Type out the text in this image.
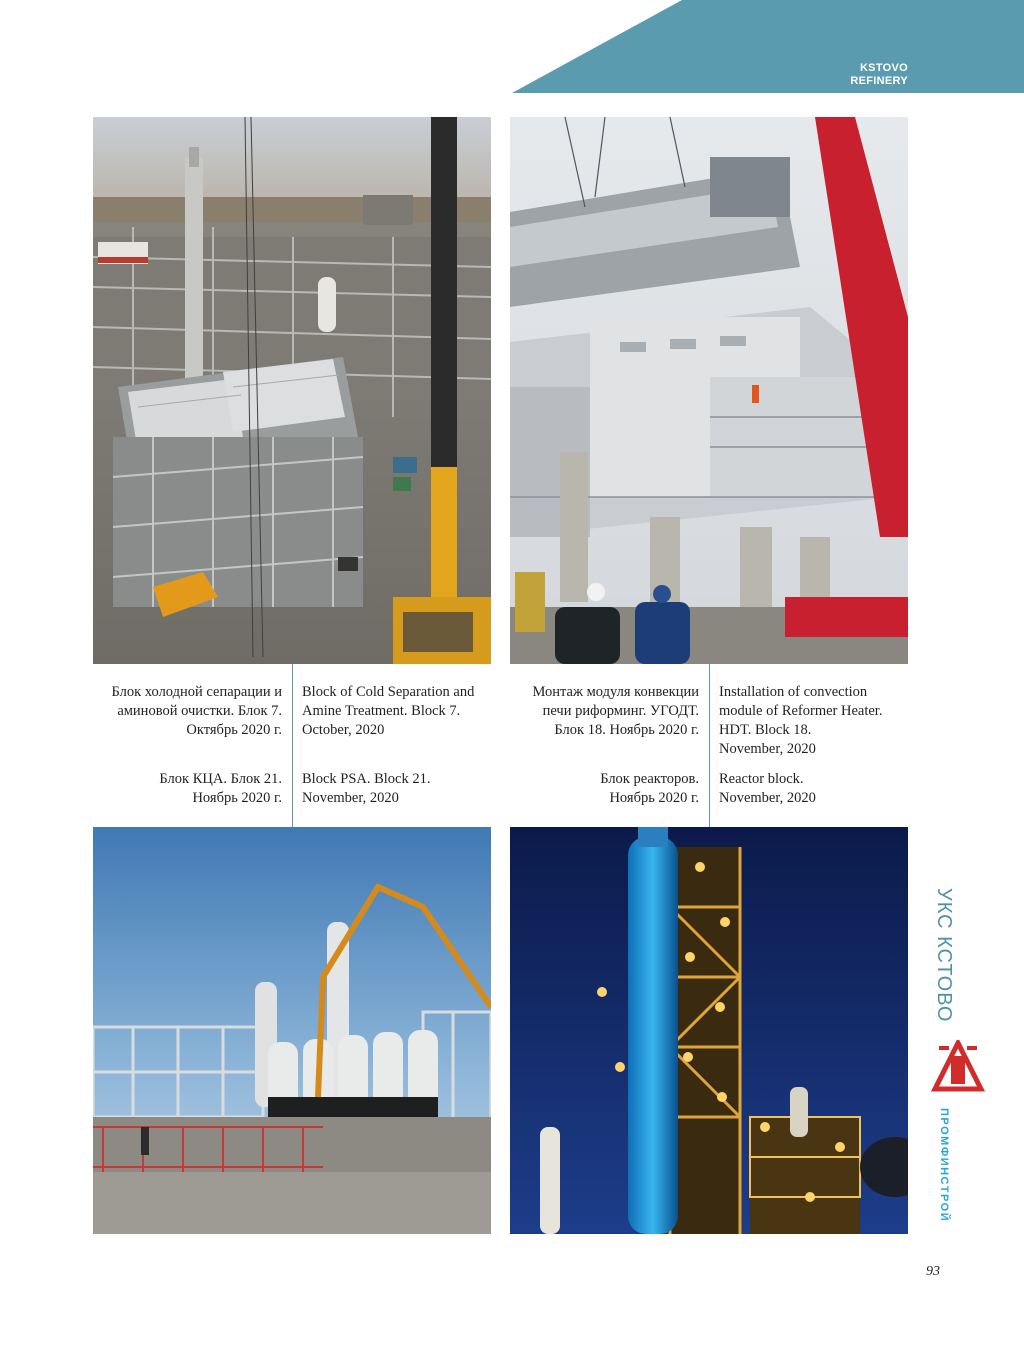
KSTOVO
REFINERY
Блок холодной сепарации и
аминовой очистки. Блок 7.
Октябрь 2020 г.
Block of Cold Separation and
Amine Treatment. Block 7.
October, 2020
Монтаж модуля конвекции
печи риформинг. УГОДТ.
Блок 18. Ноябрь 2020 г.
Installation of convection
module of Reformer Heater.
HDT. Block 18.
November, 2020
Блок КЦА. Блок 21.
Ноябрь 2020 г.
Block PSA. Block 21.
November, 2020
Блок реакторов.
Ноябрь 2020 г.
Reactor block.
November, 2020
УКС КСТОВО
ПРОМФИНСТРОЙ
93
